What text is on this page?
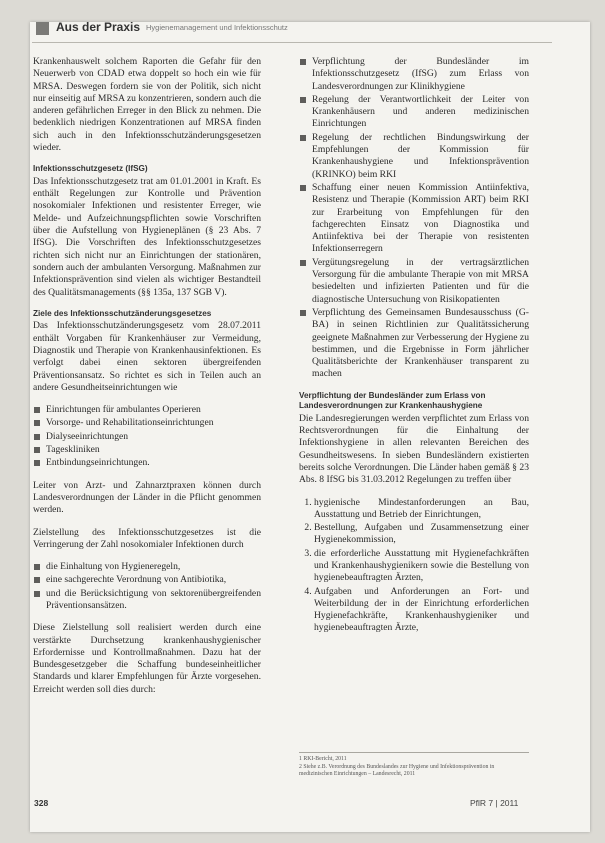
Aus der Praxis Hygienemanagement und Infektionsschutz

Krankenhauswelt solchem Raporten die Gefahr für den Neuerwerb von CDAD etwa doppelt so hoch ein wie für MRSA. Deswegen fordern sie von der Politik, sich nicht nur einseitig auf MRSA zu konzentrieren, sondern auch die anderen gefährlichen Erreger in den Blick zu nehmen. Die bedenklich niedrigen Konzentrationen auf MRSA finden sich auch in den Infektionsschutzänderungsgesetzen wieder.

Infektionsschutzgesetz (IfSG)

Das Infektionsschutzgesetz trat am 01.01.2001 in Kraft. Es enthält Regelungen zur Kontrolle und Prävention nosokomialer Infektionen und resistenter Erreger, wie Melde- und Aufzeichnungspflichten sowie Vorschriften über die Aufstellung von Hygieneplänen (§ 23 Abs. 7 IfSG). Die Vorschriften des Infektionsschutzgesetzes richten sich nicht nur an Einrichtungen der stationären, sondern auch der ambulanten Versorgung. Maßnahmen zur Infektionsprävention sind vielen als wichtiger Bestandteil des Qualitätsmanagements (§§ 135a, 137 SGB V).

Ziele des Infektionsschutzänderungsgesetzes

Das Infektionsschutzänderungsgesetz vom 28.07.2011 enthält Vorgaben für Krankenhäuser zur Vermeidung, Diagnostik und Therapie von Krankenhausinfektionen. Es verfolgt dabei einen sektoren übergreifenden Präventionsansatz. So richtet es sich in Teilen auch an andere Gesundheitseinrichtungen wie

Einrichtungen für ambulantes Operieren
Vorsorge- und Rehabilitationseinrichtungen
Dialyseeinrichtungen
Tageskliniken
Entbindungseinrichtungen.

Leiter von Arzt- und Zahnarztpraxen können durch Landesverordnungen der Länder in die Pflicht genommen werden.

Zielstellung des Infektionsschutzgesetzes ist die Verringerung der Zahl nosokomialer Infektionen durch

die Einhaltung von Hygieneregeln,
eine sachgerechte Verordnung von Antibiotika,
und die Berücksichtigung von sektorenübergreifenden Präventionsansätzen.

Diese Zielstellung soll realisiert werden durch eine verstärkte Durchsetzung krankenhaushygienischer Erfordernisse und Kontrollmaßnahmen. Dazu hat der Bundesgesetzgeber die Schaffung bundeseinheitlicher Standards und klarer Empfehlungen für Ärzte vorgesehen. Erreicht werden soll dies durch:

Verpflichtung der Bundesländer im Infektionsschutzgesetz (IfSG) zum Erlass von Landesverordnungen zur Klinikhygiene
Regelung der Verantwortlichkeit der Leiter von Krankenhäusern und anderen medizinischen Einrichtungen
Regelung der rechtlichen Bindungswirkung der Empfehlungen der Kommission für Krankenhaushygiene und Infektionsprävention (KRINKO) beim RKI
Schaffung einer neuen Kommission Antiinfektiva, Resistenz und Therapie (Kommission ART) beim RKI zur Erarbeitung von Empfehlungen für den fachgerechten Einsatz von Diagnostika und Antiinfektiva bei der Therapie von resistenten Infektionserregern
Vergütungsregelung in der vertragsärztlichen Versorgung für die ambulante Therapie von mit MRSA besiedelten und infizierten Patienten und für die diagnostische Untersuchung von Risikopatienten
Verpflichtung des Gemeinsamen Bundesausschuss (G-BA) in seinen Richtlinien zur Qualitätssicherung geeignete Maßnahmen zur Verbesserung der Hygiene zu bestimmen, und die Ergebnisse in Form jährlicher Qualitätsberichte der Krankenhäuser transparent zu machen
Verpflichtung der Bundesländer zum Erlass von Landesverordnungen zur Krankenhaushygiene

Die Landesregierungen werden verpflichtet zum Erlass von Rechtsverordnungen für die Einhaltung der Infektionshygiene in allen relevanten Bereichen des Gesundheitswesens. In sieben Bundesländern existierten bereits solche Verordnungen. Die Länder haben gemäß § 23 Abs. 8 IfSG bis 31.03.2012 Regelungen zu treffen über

1. hygienische Mindestanforderungen an Bau, Ausstattung und Betrieb der Einrichtungen,
2. Bestellung, Aufgaben und Zusammensetzung einer Hygienekommission,
3. die erforderliche Ausstattung mit Hygienefachkräften und Krankenhaushygienikern sowie die Bestellung von hygienebeauftragten Ärzten,
4. Aufgaben und Anforderungen an Fort- und Weiterbildung der in der Einrichtung erforderlichen Hygienefachkräfte, Krankenhaushygieniker und hygienebeauftragten Ärzte,
1 RKI-Bericht, 2011
2 Siehe z.B. Verordnung des Bundeslandes zur Hygiene und Infektionsprävention in medizinischen Einrichtungen – Landesrecht, 2011
328	PflR 7 | 2011
